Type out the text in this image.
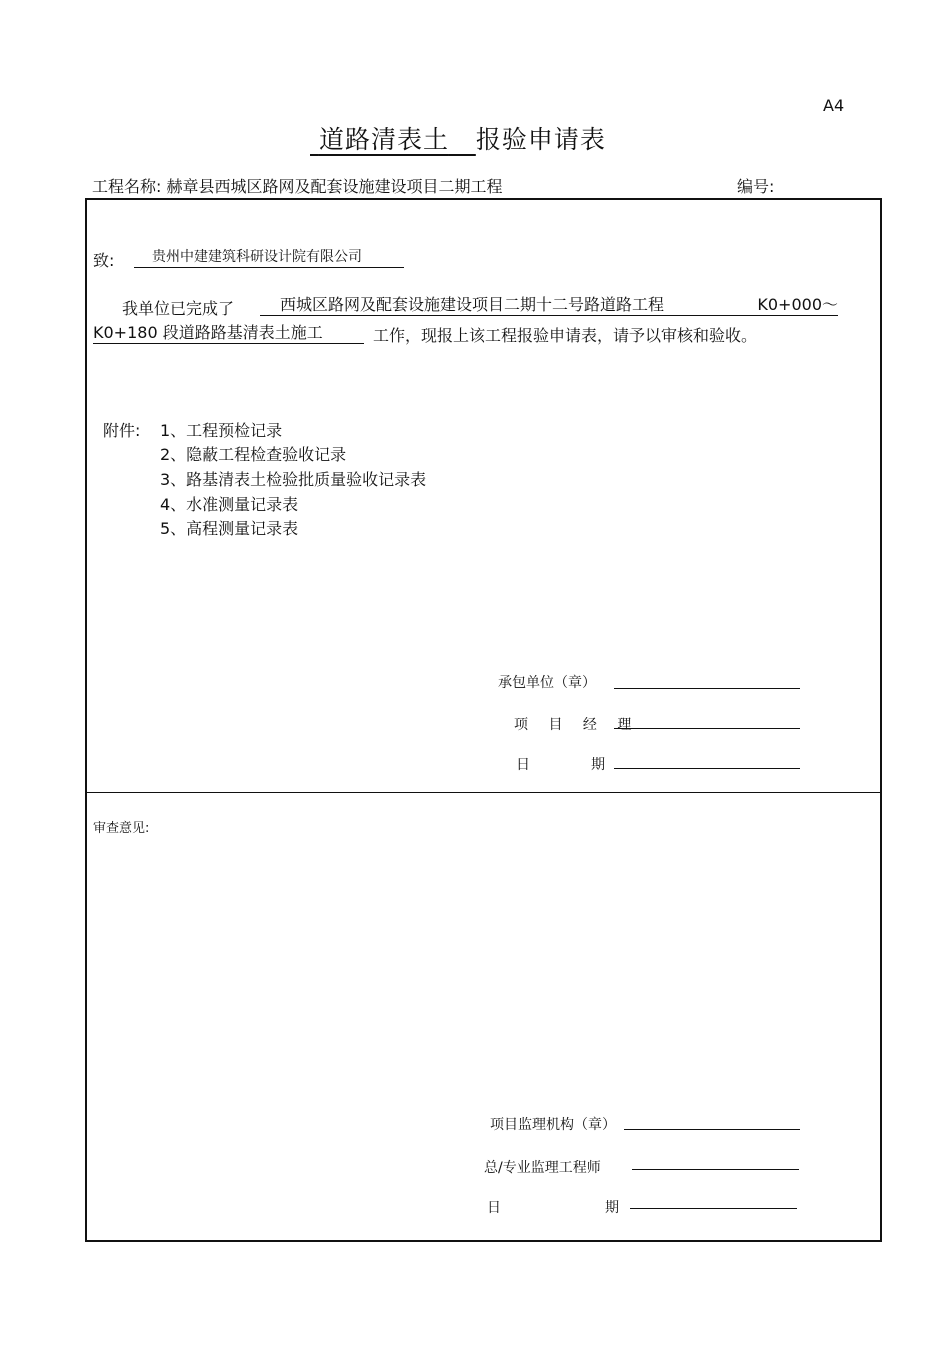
A4
道路清表土 报验申请表
工程名称: 赫章县西城区路网及配套设施建设项目二期工程	编号:
致:	贵州中建建筑科研设计院有限公司
我单位已完成了	西城区路网及配套设施建设项目二期十二号路道路工程	K0+000～
K0+180 段道路路基清表土施工	工作，现报上该工程报验申请表，请予以审核和验收。
附件: 1、工程预检记录
2、隐蔽工程检查验收记录
3、路基清表土检验批质量验收记录表
4、水准测量记录表
5、高程测量记录表
承包单位（章）
项 目 经 理
日	期
审查意见:
项目监理机构（章）
总/专业监理工程师
日	期
